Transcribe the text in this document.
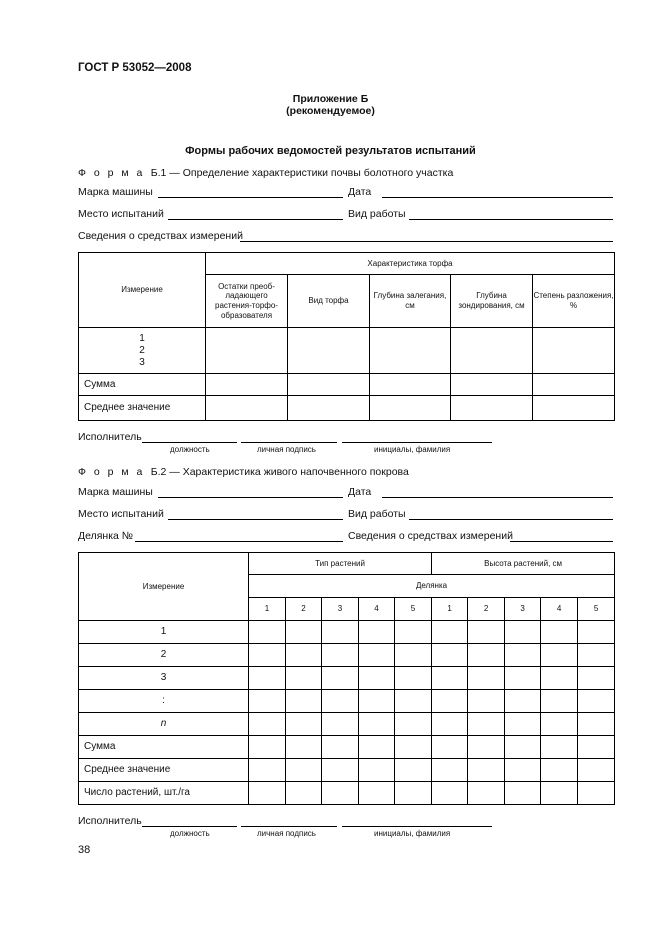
ГОСТ Р 53052—2008
Приложение Б
(рекомендуемое)
Формы рабочих ведомостей результатов испытаний
Ф о р м а Б.1 — Определение характеристики почвы болотного участка
Марка машины	Дата
Место испытаний	Вид работы
Сведения о средствах измерений
Измерение	Характеристика торфа				
	Остатки преоб-ладающего растения-торфо-образователя	Вид торфа	Глубина залегания, см	Глубина зондирования, см	Степень разложения, %

1
2
3					

Сумма					
Среднее значение					
Исполнитель
должность	личная подпись	инициалы, фамилия
Ф о р м а Б.2 — Характеристика живого напочвенного покрова
Марка машины	Дата
Место испытаний	Вид работы
Делянка №	Сведения о средствах измерений
Измерение	Тип растений					Высота растений, см				
	Делянка									
	1	2	3	4	5	1	2	3	4	5
1										
2										
3										
:										
n										
Сумма										
Среднее значение										
Число растений, шт./га										
Исполнитель
должность	личная подпись	инициалы, фамилия
38
